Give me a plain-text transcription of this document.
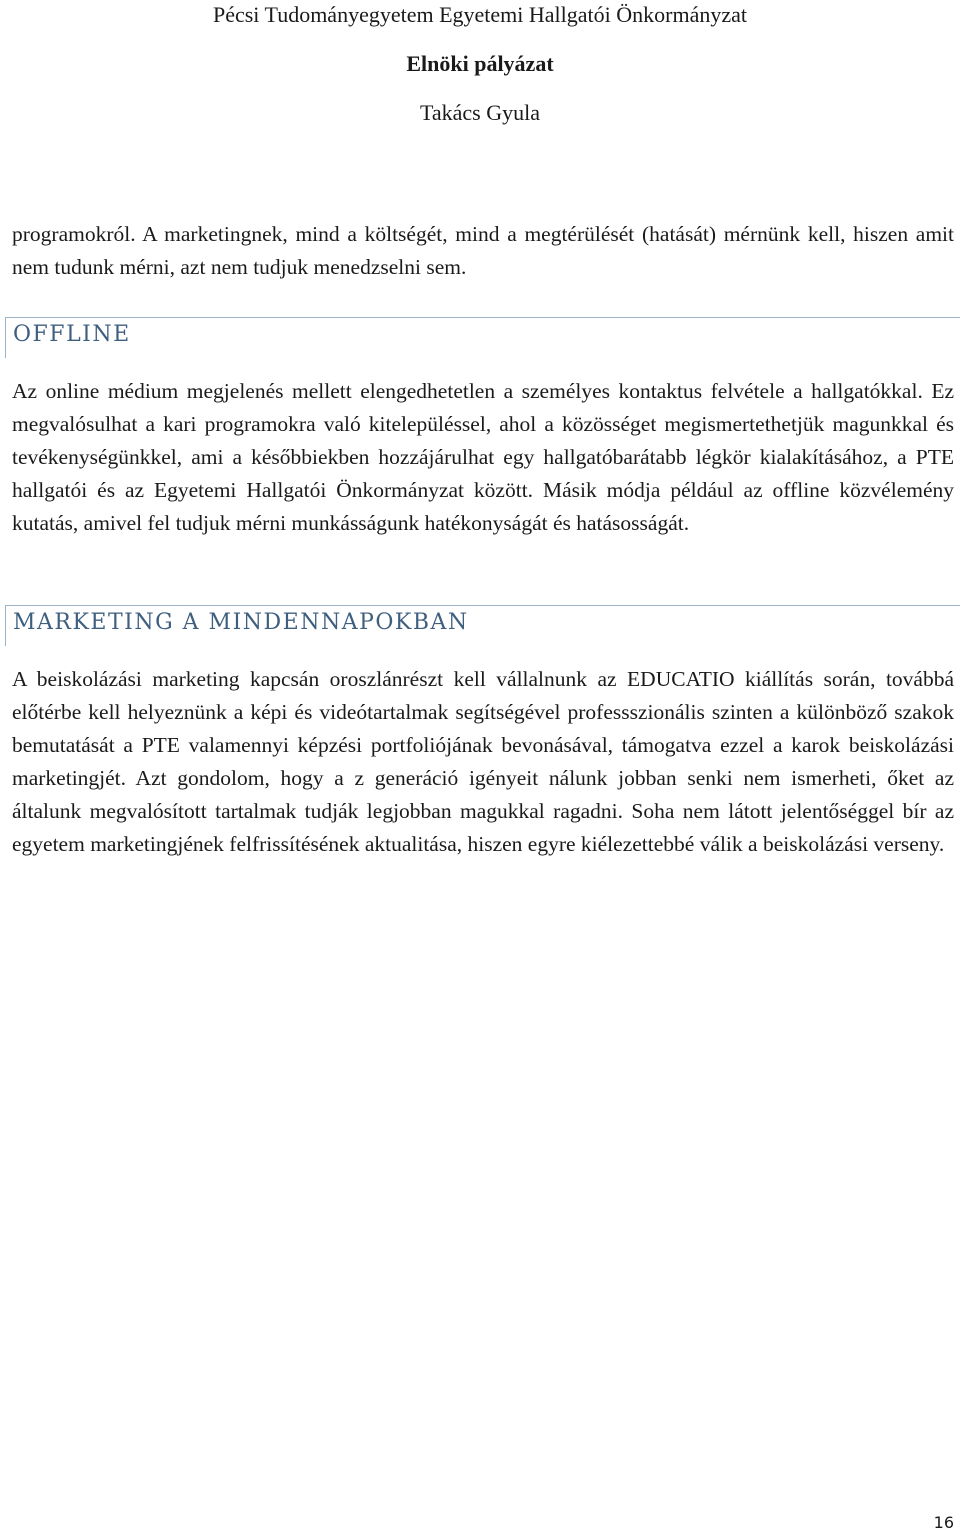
Pécsi Tudományegyetem Egyetemi Hallgatói Önkormányzat
Elnöki pályázat
Takács Gyula

programokról. A marketingnek, mind a költségét, mind a megtérülését (hatását) mérnünk kell, hiszen amit nem tudunk mérni, azt nem tudjuk menedzselni sem.

OFFLINE

Az online médium megjelenés mellett elengedhetetlen a személyes kontaktus felvétele a hallgatókkal. Ez megvalósulhat a kari programokra való kitelepüléssel, ahol a közösséget megismertethetjük magunkkal és tevékenységünkkel, ami a későbbiekben hozzájárulhat egy hallgatóbarátabb légkör kialakításához, a PTE hallgatói és az Egyetemi Hallgatói Önkormányzat között. Másik módja például az offline közvélemény kutatás, amivel fel tudjuk mérni munkásságunk hatékonyságát és hatásosságát.

MARKETING A MINDENNAPOKBAN

A beiskolázási marketing kapcsán oroszlánrészt kell vállalnunk az EDUCATIO kiállítás során, továbbá előtérbe kell helyeznünk a képi és videótartalmak segítségével professszionális szinten a különböző szakok bemutatását a PTE valamennyi képzési portfoliójának bevonásával, támogatva ezzel a karok beiskolázási marketingjét. Azt gondolom, hogy a z generáció igényeit nálunk jobban senki nem ismerheti, őket az általunk megvalósított tartalmak tudják legjobban magukkal ragadni. Soha nem látott jelentőséggel bír az egyetem marketingjének felfrissítésének aktualitása, hiszen egyre kiélezettebbé válik a beiskolázási verseny.

16
